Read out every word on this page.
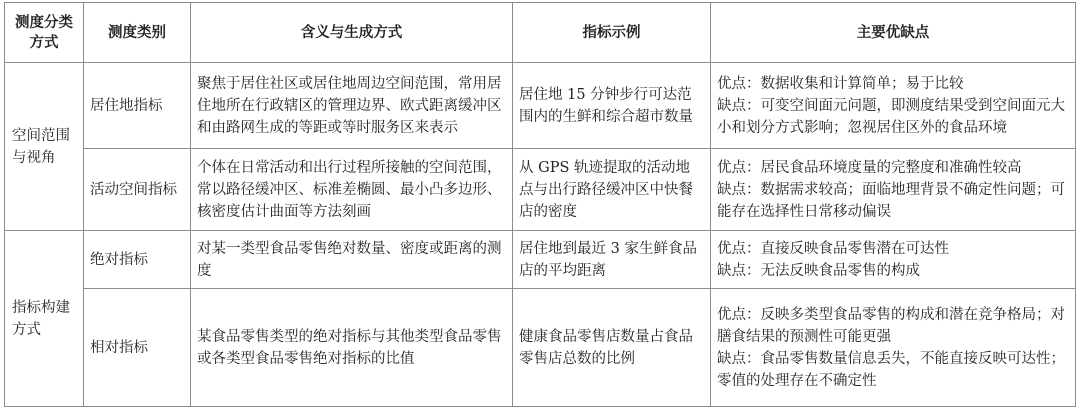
测度分类方式	测度类别	含义与生成方式	指标示例	主要优缺点
空间范围与视角	居住地指标	聚焦于居住社区或居住地周边空间范围，常用居住地所在行政辖区的管理边界、欧式距离缓冲区和由路网生成的等距或等时服务区来表示	居住地 15 分钟步行可达范围内的生鲜和综合超市数量	优点：数据收集和计算简单；易于比较
缺点：可变空间面元问题，即测度结果受到空间面元大小和划分方式影响；忽视居住区外的食品环境

	活动空间指标	个体在日常活动和出行过程所接触的空间范围，常以路径缓冲区、标准差椭圆、最小凸多边形、核密度估计曲面等方法刻画	从 GPS 轨迹提取的活动地点与出行路径缓冲区中快餐店的密度	优点：居民食品环境度量的完整度和准确性较高
缺点：数据需求较高；面临地理背景不确定性问题；可能存在选择性日常移动偏误

指标构建方式	绝对指标	对某一类型食品零售绝对数量、密度或距离的测度	居住地到最近 3 家生鲜食品店的平均距离	优点：直接反映食品零售潜在可达性
缺点：无法反映食品零售的构成

	相对指标	某食品零售类型的绝对指标与其他类型食品零售或各类型食品零售绝对指标的比值	健康食品零售店数量占食品零售店总数的比例	优点：反映多类型食品零售的构成和潜在竞争格局；对膳食结果的预测性可能更强
缺点：食品零售数量信息丢失，不能直接反映可达性；零值的处理存在不确定性
